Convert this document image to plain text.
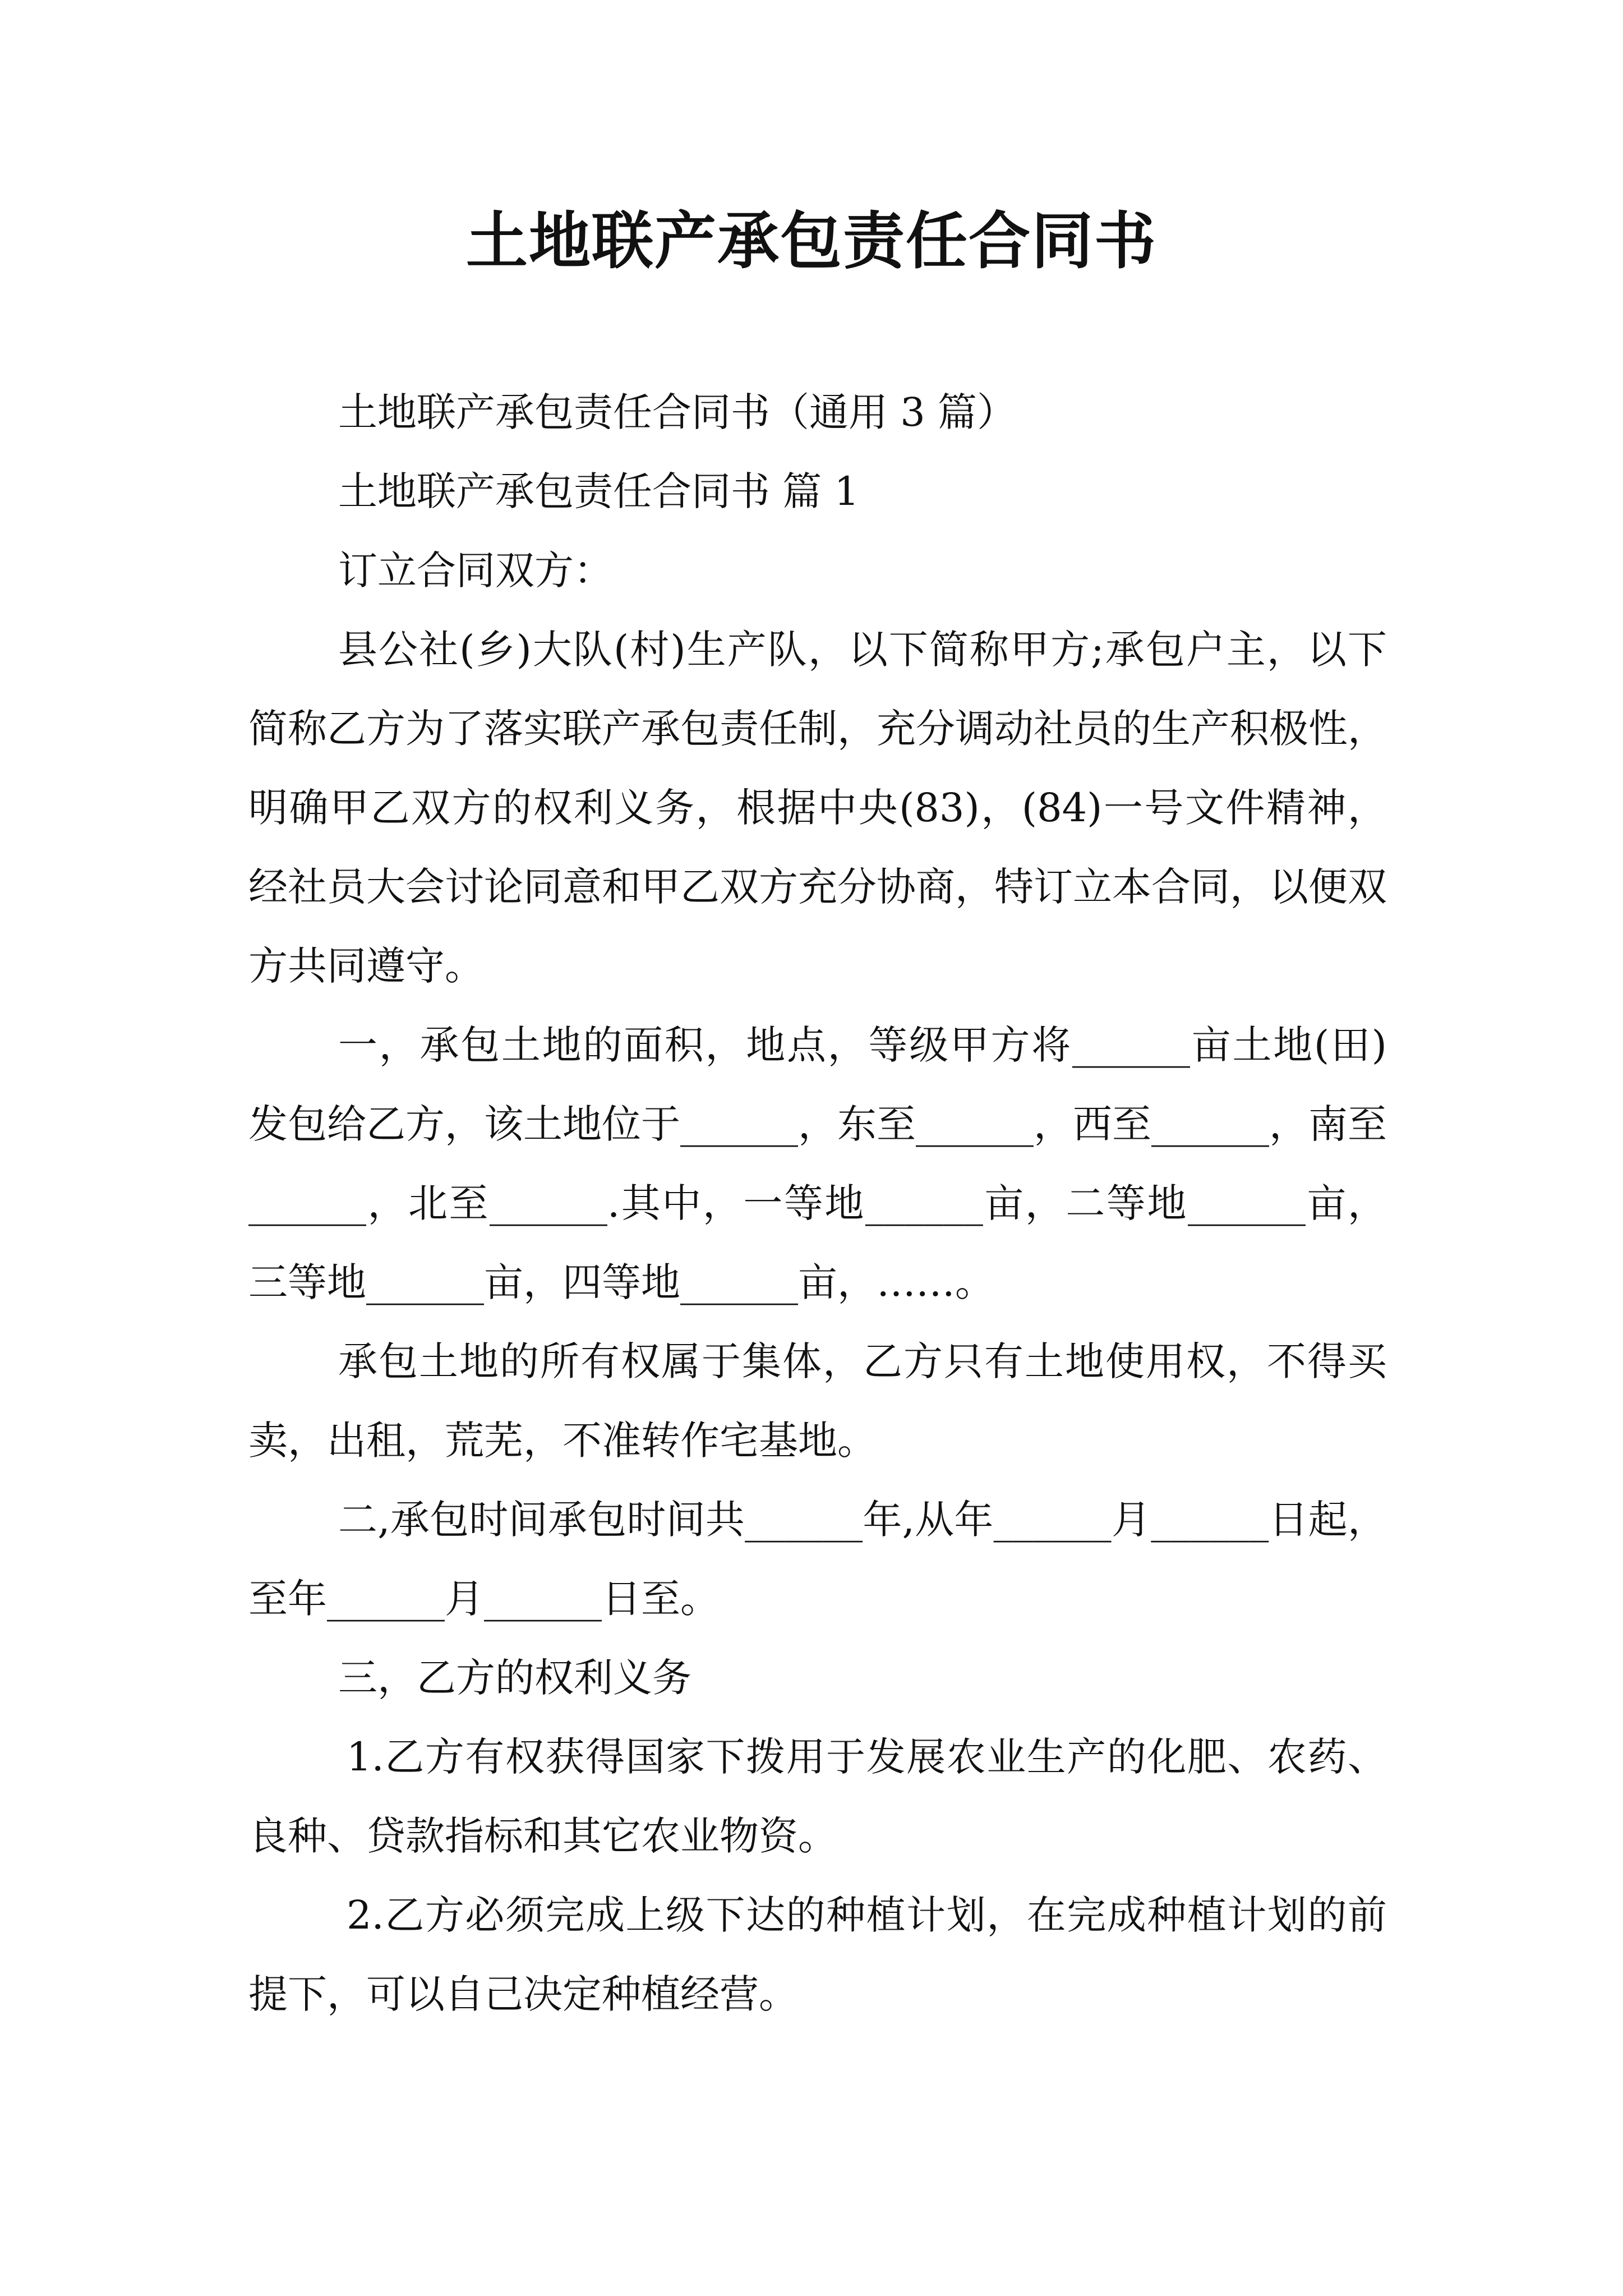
土地联产承包责任合同书

土地联产承包责任合同书（通用 3 篇）

土地联产承包责任合同书 篇 1

订立合同双方：

县公社(乡)大队(村)生产队，以下简称甲方;承包户主，以下简称乙方为了落实联产承包责任制，充分调动社员的生产积极性，明确甲乙双方的权利义务，根据中央(83)，(84)一号文件精神，经社员大会讨论同意和甲乙双方充分协商，特订立本合同，以便双方共同遵守。

一，承包土地的面积，地点，等级甲方将______亩土地(田)发包给乙方，该土地位于______，东至______，西至______，南至______，北至______.其中，一等地______亩，二等地______亩，三等地______亩，四等地______亩，……。

承包土地的所有权属于集体，乙方只有土地使用权，不得买卖，出租，荒芜，不准转作宅基地。

二,承包时间承包时间共______年,从年______月______日起，至年______月______日至。

三，乙方的权利义务

1.乙方有权获得国家下拨用于发展农业生产的化肥、农药、良种、贷款指标和其它农业物资。

2.乙方必须完成上级下达的种植计划，在完成种植计划的前提下，可以自己决定种植经营。
